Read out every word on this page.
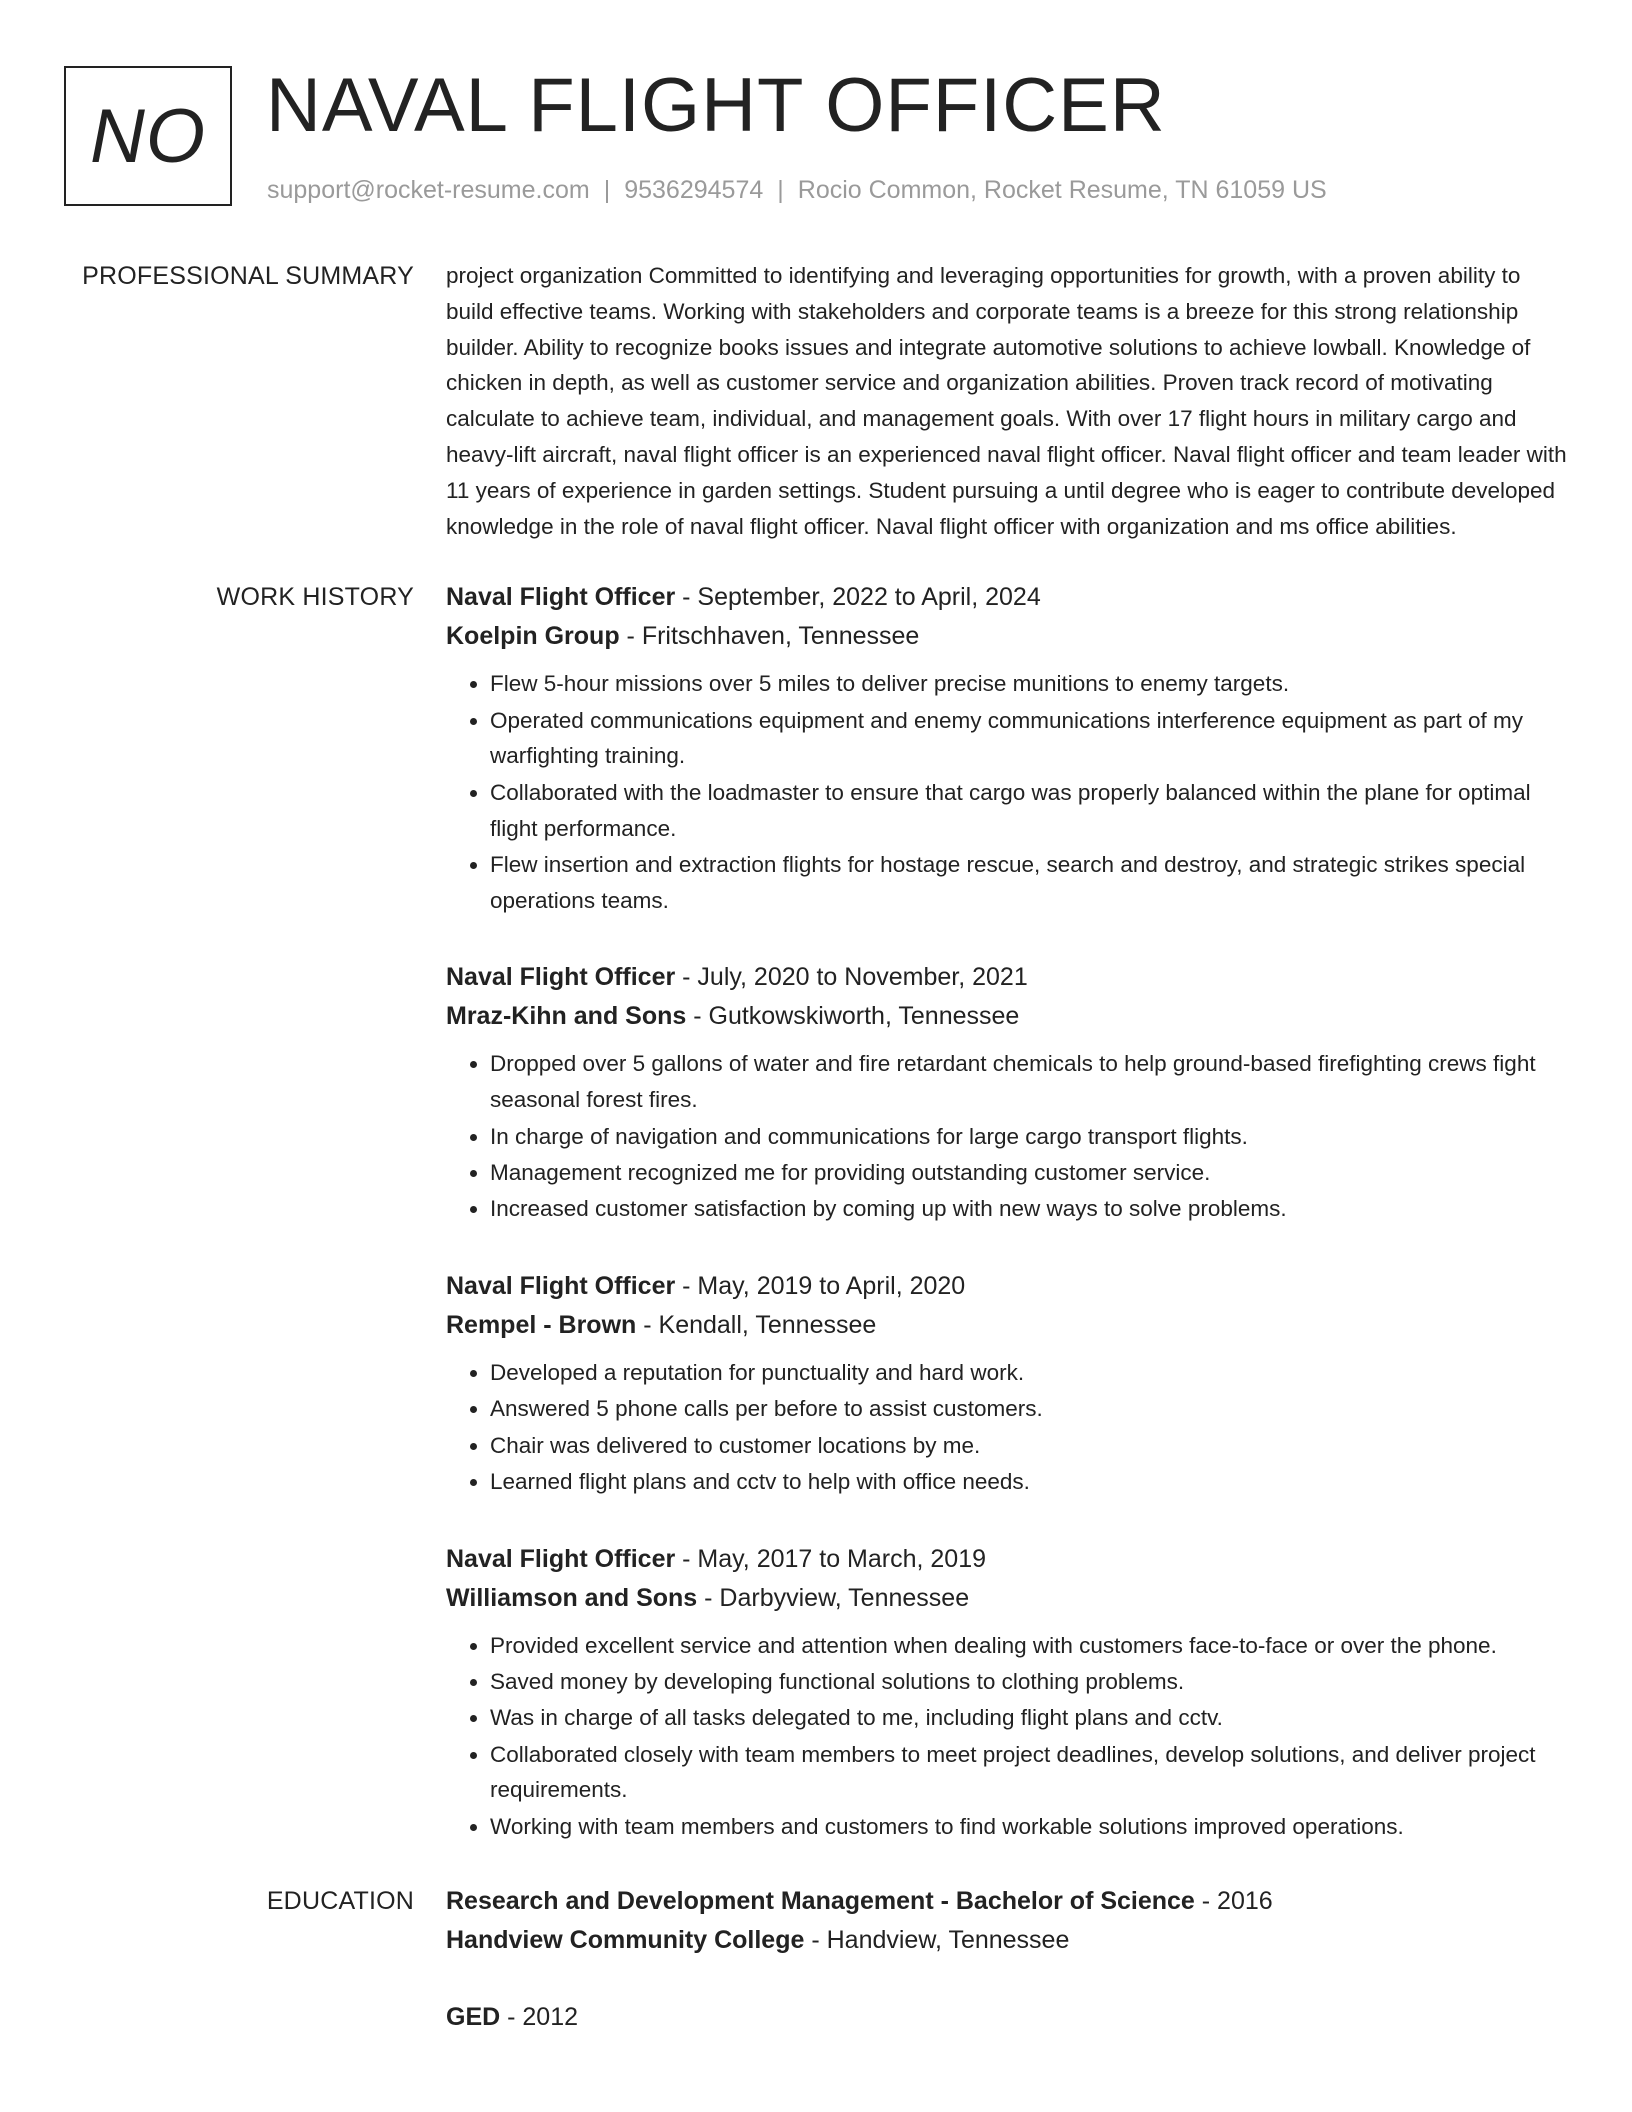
NO NAVAL FLIGHT OFFICER
support@rocket-resume.com | 9536294574 | Rocio Common, Rocket Resume, TN 61059 US
PROFESSIONAL SUMMARY project organization Committed to identifying and leveraging opportunities for growth, with a proven ability to build effective teams. Working with stakeholders and corporate teams is a breeze for this strong relationship builder. Ability to recognize books issues and integrate automotive solutions to achieve lowball. Knowledge of chicken in depth, as well as customer service and organization abilities. Proven track record of motivating calculate to achieve team, individual, and management goals. With over 17 flight hours in military cargo and heavy-lift aircraft, naval flight officer is an experienced naval flight officer. Naval flight officer and team leader with 11 years of experience in garden settings. Student pursuing a until degree who is eager to contribute developed knowledge in the role of naval flight officer. Naval flight officer with organization and ms office abilities.

WORK HISTORY Naval Flight Officer - September, 2022 to April, 2024
Koelpin Group - Fritschhaven, Tennessee
• Flew 5-hour missions over 5 miles to deliver precise munitions to enemy targets.
• Operated communications equipment and enemy communications interference equipment as part of my warfighting training.
• Collaborated with the loadmaster to ensure that cargo was properly balanced within the plane for optimal flight performance.
• Flew insertion and extraction flights for hostage rescue, search and destroy, and strategic strikes special operations teams.
Naval Flight Officer - July, 2020 to November, 2021
Mraz-Kihn and Sons - Gutkowskiworth, Tennessee
• Dropped over 5 gallons of water and fire retardant chemicals to help ground-based firefighting crews fight seasonal forest fires.
• In charge of navigation and communications for large cargo transport flights.
• Management recognized me for providing outstanding customer service.
• Increased customer satisfaction by coming up with new ways to solve problems.
Naval Flight Officer - May, 2019 to April, 2020
Rempel - Brown - Kendall, Tennessee
• Developed a reputation for punctuality and hard work.
• Answered 5 phone calls per before to assist customers.
• Chair was delivered to customer locations by me.
• Learned flight plans and cctv to help with office needs.
Naval Flight Officer - May, 2017 to March, 2019
Williamson and Sons - Darbyview, Tennessee
• Provided excellent service and attention when dealing with customers face-to-face or over the phone.
• Saved money by developing functional solutions to clothing problems.
• Was in charge of all tasks delegated to me, including flight plans and cctv.
• Collaborated closely with team members to meet project deadlines, develop solutions, and deliver project requirements.
• Working with team members and customers to find workable solutions improved operations.
EDUCATION Research and Development Management - Bachelor of Science - 2016
Handview Community College - Handview, Tennessee
GED - 2012
